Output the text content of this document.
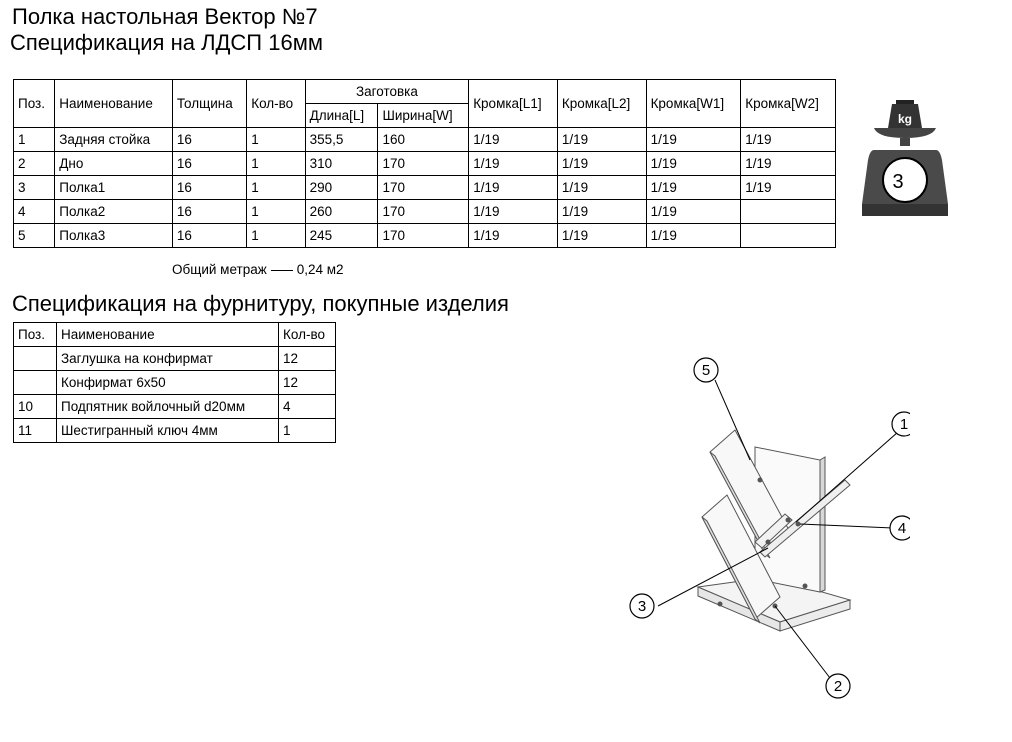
Полка настольная Вектор №7
Спецификация на ЛДСП 16мм
Поз.	Наименование	Толщина	Кол-во	Заготовка		Кромка[L1]	Кромка[L2]	Кромка[W1]	Кромка[W2]
				Длина[L]	Ширина[W]				
1	Задняя стойка	16	1	355,5	160	1/19	1/19	1/19	1/19
2	Дно	16	1	310	170	1/19	1/19	1/19	1/19
3	Полка1	16	1	290	170	1/19	1/19	1/19	1/19
4	Полка2	16	1	260	170	1/19	1/19	1/19	
5	Полка3	16	1	245	170	1/19	1/19	1/19	
Общий метраж 0,24 м2
Спецификация на фурнитуру, покупные изделия
Поз.	Наименование	Кол-во
	Заглушка на конфирмат	12
	Конфирмат 6х50	12
10	Подпятник войлочный d20мм	4
11	Шестигранный ключ 4мм	1
kg
3
5
1
4
3
2
